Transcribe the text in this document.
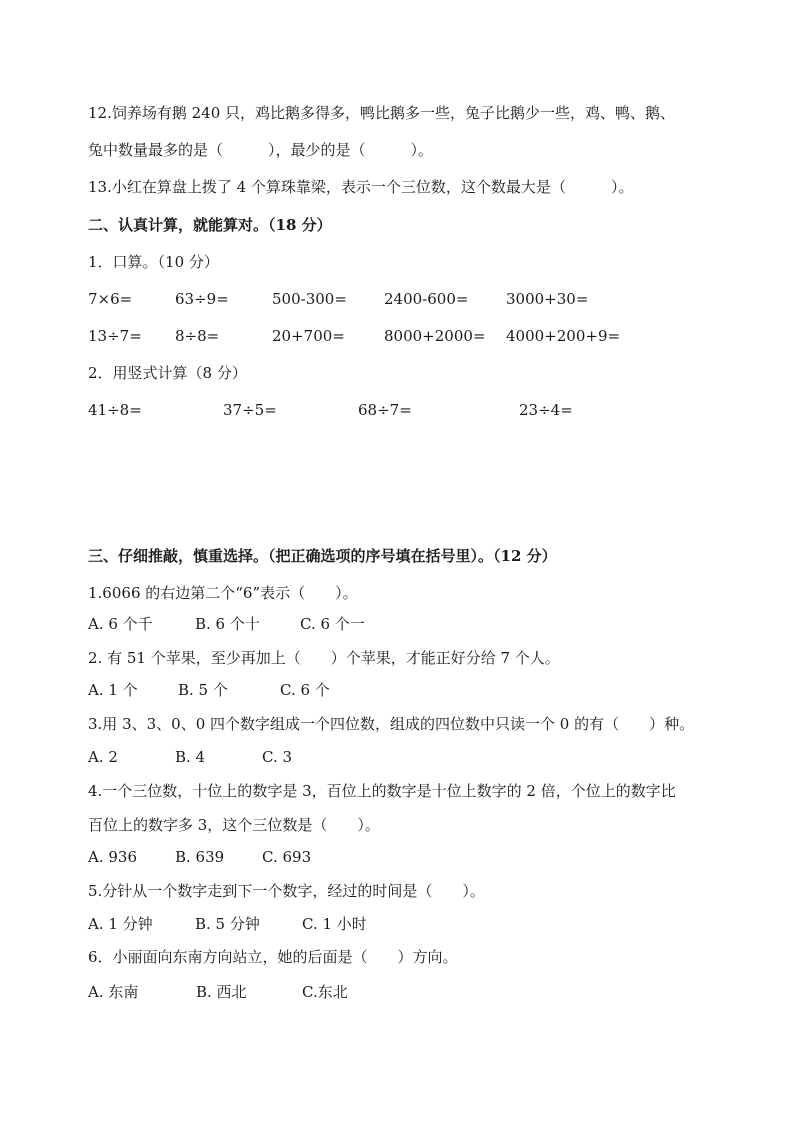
12.饲养场有鹅 240 只，鸡比鹅多得多，鸭比鹅多一些，兔子比鹅少一些，鸡、鸭、鹅、
兔中数量最多的是（　　　），最少的是（　　　）。
13.小红在算盘上拨了 4 个算珠靠梁，表示一个三位数，这个数最大是（　　　）。
二、认真计算，就能算对。（18 分）
1．口算。（10 分）
7×6=	63÷9=	500-300= 2400-600=	3000+30=
13÷7= 8÷8=	20+700=	8000+2000= 4000+200+9=
2．用竖式计算（8 分）
41÷8=	37÷5=	68÷7=	23÷4=
三、仔细推敲，慎重选择。（把正确选项的序号填在括号里）。（12 分）
1.6066 的右边第二个“6”表示（　　）。
A. 6 个千	B. 6 个十	C. 6 个一
2. 有 51 个苹果，至少再加上（　　）个苹果，才能正好分给 7 个人。
A. 1 个	B. 5 个	C. 6 个
3.用 3、3、0、0 四个数字组成一个四位数，组成的四位数中只读一个 0 的有（　　）种。
A. 2	B. 4	C. 3
4.一个三位数，十位上的数字是 3，百位上的数字是十位上数字的 2 倍，个位上的数字比
百位上的数字多 3，这个三位数是（　　）。
A. 936	B. 639	C. 693
5.分针从一个数字走到下一个数字，经过的时间是（　　）。
A. 1 分钟	B. 5 分钟	C. 1 小时
6．小丽面向东南方向站立，她的后面是（　　）方向。
A. 东南	B. 西北	C.东北
